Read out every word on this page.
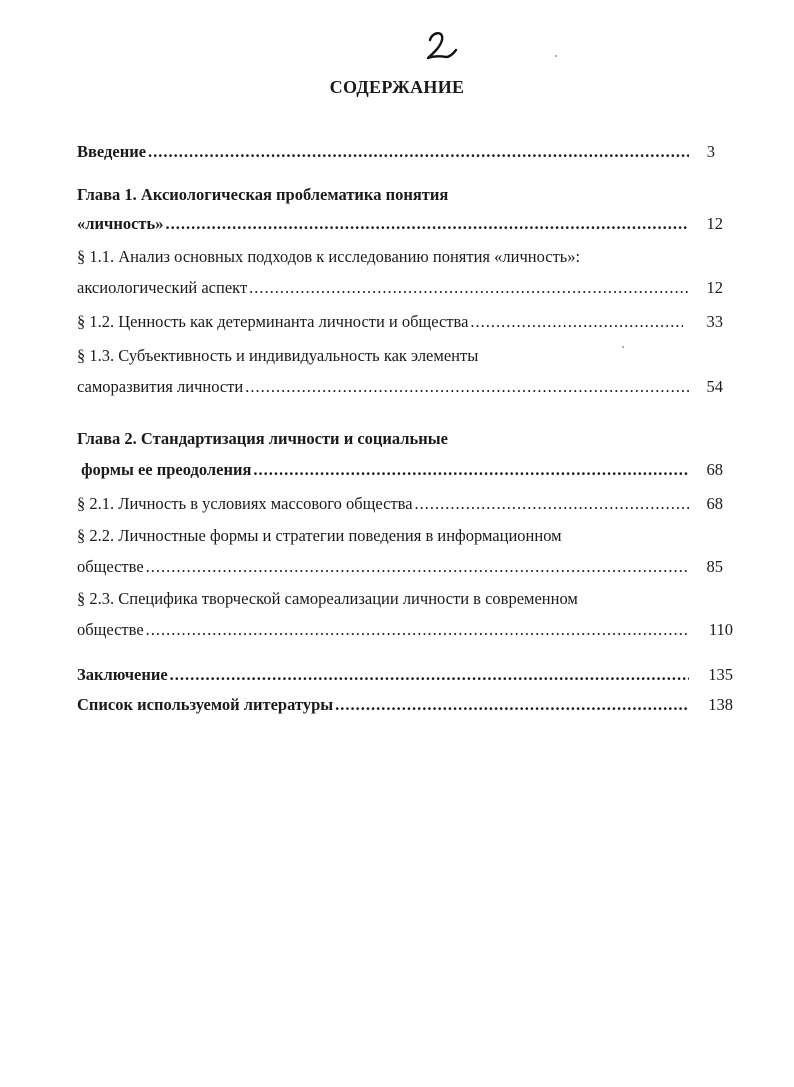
СОДЕРЖАНИЕ
Введение .....	3
Глава 1. Аксиологическая проблематика понятия
«личность» .....	12
§ 1.1. Анализ основных подходов к исследованию понятия «личность»:
аксиологический аспект .....	12
§ 1.2. Ценность как детерминанта личности и общества .....	33
§ 1.3. Субъективность и индивидуальность как элементы
саморазвития личности .....	54
Глава 2. Стандартизация личности и социальные
формы ее преодоления .....	68
§ 2.1. Личность в условиях массового общества .....	68
§ 2.2. Личностные формы и стратегии поведения в информационном
обществе .....	85
§ 2.3. Специфика творческой самореализации личности в современном
обществе .....	110
Заключение .....	135
Список используемой литературы .....	138
